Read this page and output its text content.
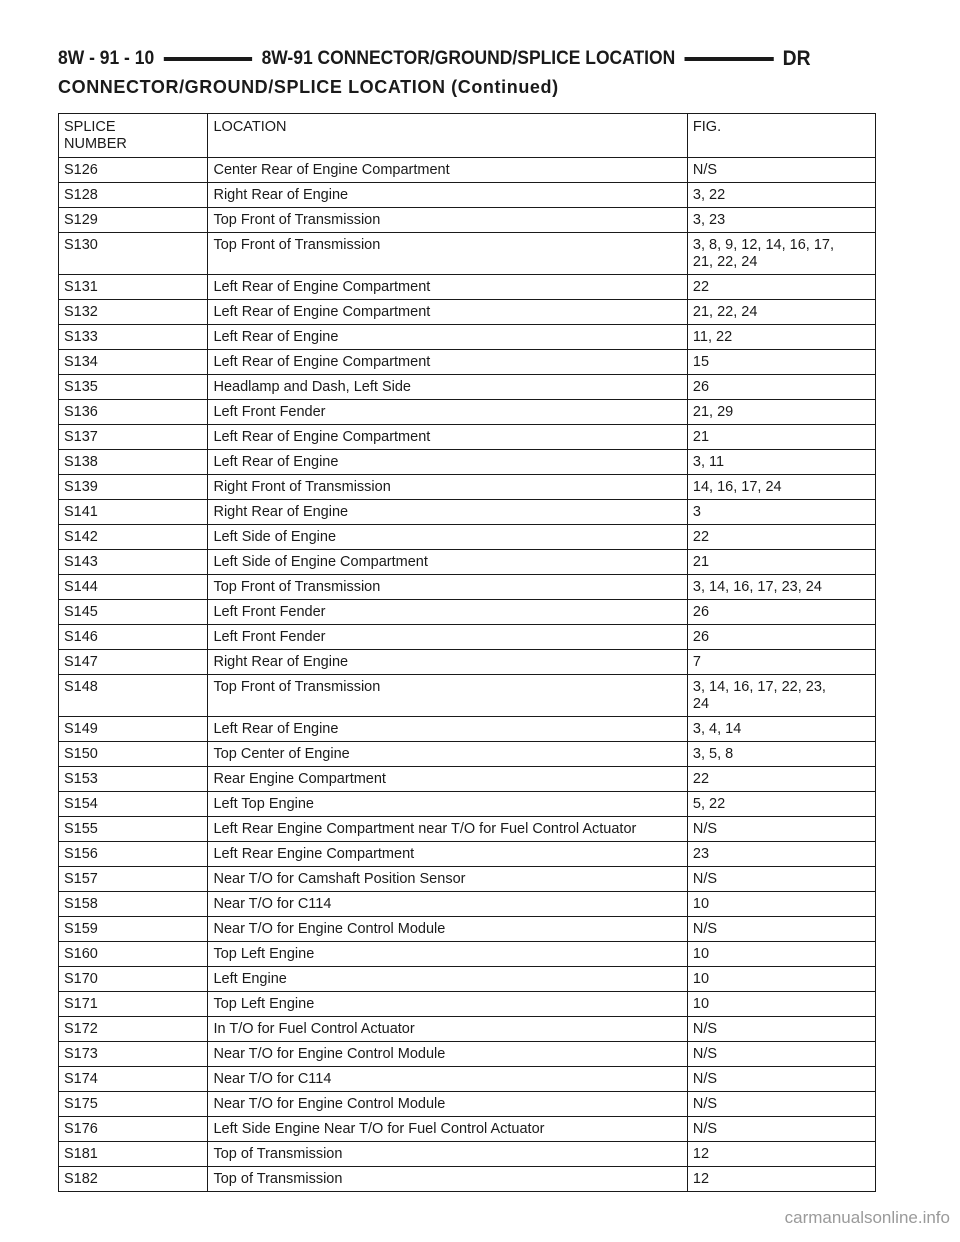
8W - 91 - 10	8W-91 CONNECTOR/GROUND/SPLICE LOCATION	DR
CONNECTOR/GROUND/SPLICE LOCATION (Continued)
SPLICE
NUMBER	LOCATION	FIG.
S126	Center Rear of Engine Compartment	N/S
S128	Right Rear of Engine	3, 22
S129	Top Front of Transmission	3, 23
S130	Top Front of Transmission	3, 8, 9, 12, 14, 16, 17,
21, 22, 24
S131	Left Rear of Engine Compartment	22
S132	Left Rear of Engine Compartment	21, 22, 24
S133	Left Rear of Engine	11, 22
S134	Left Rear of Engine Compartment	15
S135	Headlamp and Dash, Left Side	26
S136	Left Front Fender	21, 29
S137	Left Rear of Engine Compartment	21
S138	Left Rear of Engine	3, 11
S139	Right Front of Transmission	14, 16, 17, 24
S141	Right Rear of Engine	3
S142	Left Side of Engine	22
S143	Left Side of Engine Compartment	21
S144	Top Front of Transmission	3, 14, 16, 17, 23, 24
S145	Left Front Fender	26
S146	Left Front Fender	26
S147	Right Rear of Engine	7
S148	Top Front of Transmission	3, 14, 16, 17, 22, 23,
24
S149	Left Rear of Engine	3, 4, 14
S150	Top Center of Engine	3, 5, 8
S153	Rear Engine Compartment	22
S154	Left Top Engine	5, 22
S155	Left Rear Engine Compartment near T/O for Fuel Control Actuator	N/S
S156	Left Rear Engine Compartment	23
S157	Near T/O for Camshaft Position Sensor	N/S
S158	Near T/O for C114	10
S159	Near T/O for Engine Control Module	N/S
S160	Top Left Engine	10
S170	Left Engine	10
S171	Top Left Engine	10
S172	In T/O for Fuel Control Actuator	N/S
S173	Near T/O for Engine Control Module	N/S
S174	Near T/O for C114	N/S
S175	Near T/O for Engine Control Module	N/S
S176	Left Side Engine Near T/O for Fuel Control Actuator	N/S
S181	Top of Transmission	12
S182	Top of Transmission	12
carmanualsonline.info
